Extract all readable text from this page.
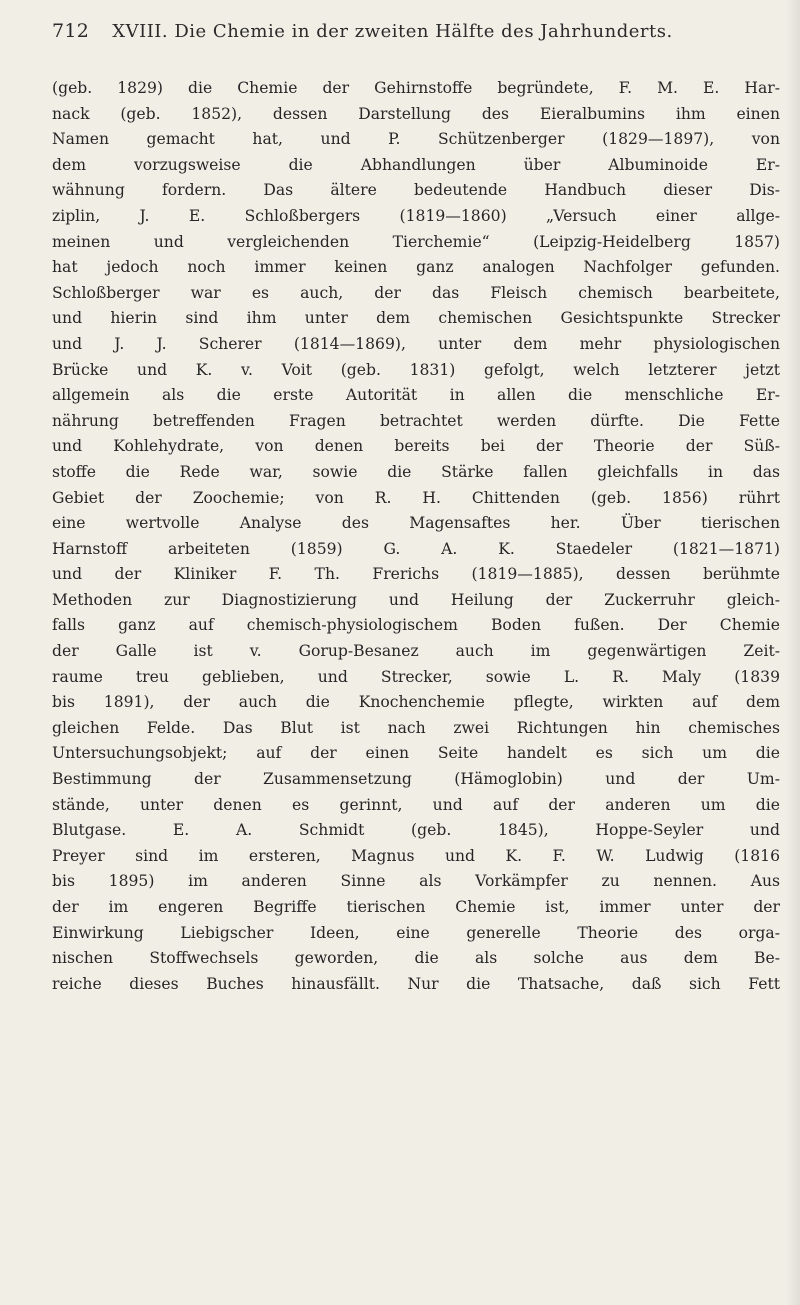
712 XVIII. Die Chemie in der zweiten Hälfte des Jahrhunderts.
(geb. 1829) die Chemie der Gehirnstoffe begründete, F. M. E. Har-
nack (geb. 1852), dessen Darstellung des Eieralbumins ihm einen
Namen gemacht hat, und P. Schützenberger (1829—1897), von
dem vorzugsweise die Abhandlungen über Albuminoide Er-
wähnung fordern. Das ältere bedeutende Handbuch dieser Dis-
ziplin, J. E. Schloßbergers (1819—1860) „Versuch einer allge-
meinen und vergleichenden Tierchemie“ (Leipzig-Heidelberg 1857)
hat jedoch noch immer keinen ganz analogen Nachfolger gefunden.
Schloßberger war es auch, der das Fleisch chemisch bearbeitete,
und hierin sind ihm unter dem chemischen Gesichtspunkte Strecker
und J. J. Scherer (1814—1869), unter dem mehr physiologischen
Brücke und K. v. Voit (geb. 1831) gefolgt, welch letzterer jetzt
allgemein als die erste Autorität in allen die menschliche Er-
nährung betreffenden Fragen betrachtet werden dürfte. Die Fette
und Kohlehydrate, von denen bereits bei der Theorie der Süß-
stoffe die Rede war, sowie die Stärke fallen gleichfalls in das
Gebiet der Zoochemie; von R. H. Chittenden (geb. 1856) rührt
eine wertvolle Analyse des Magensaftes her. Über tierischen
Harnstoff arbeiteten (1859) G. A. K. Staedeler (1821—1871)
und der Kliniker F. Th. Frerichs (1819—1885), dessen berühmte
Methoden zur Diagnostizierung und Heilung der Zuckerruhr gleich-
falls ganz auf chemisch-physiologischem Boden fußen. Der Chemie
der Galle ist v. Gorup-Besanez auch im gegenwärtigen Zeit-
raume treu geblieben, und Strecker, sowie L. R. Maly (1839
bis 1891), der auch die Knochenchemie pflegte, wirkten auf dem
gleichen Felde. Das Blut ist nach zwei Richtungen hin chemisches
Untersuchungsobjekt; auf der einen Seite handelt es sich um die
Bestimmung der Zusammensetzung (Hämoglobin) und der Um-
stände, unter denen es gerinnt, und auf der anderen um die
Blutgase. E. A. Schmidt (geb. 1845), Hoppe-Seyler und
Preyer sind im ersteren, Magnus und K. F. W. Ludwig (1816
bis 1895) im anderen Sinne als Vorkämpfer zu nennen. Aus
der im engeren Begriffe tierischen Chemie ist, immer unter der
Einwirkung Liebigscher Ideen, eine generelle Theorie des orga-
nischen Stoffwechsels geworden, die als solche aus dem Be-
reiche dieses Buches hinausfällt. Nur die Thatsache, daß sich Fett
